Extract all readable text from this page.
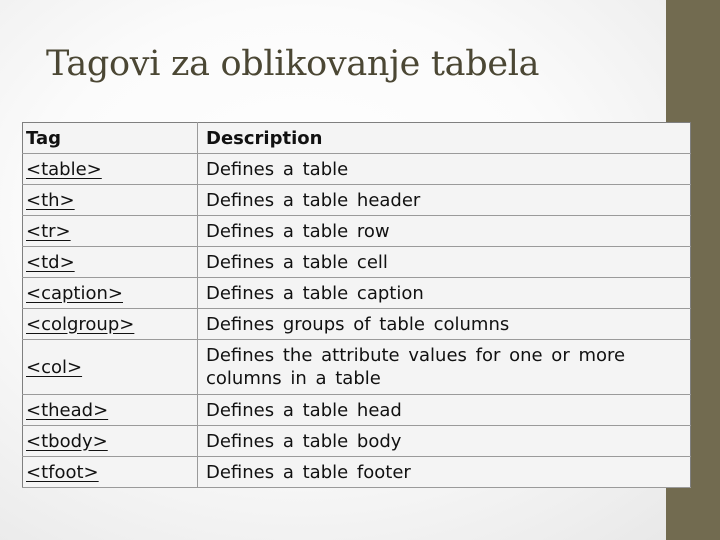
Tagovi za oblikovanje tabela
Tag	Description
<table>	Defines a table
<th>	Defines a table header
<tr>	Defines a table row
<td>	Defines a table cell
<caption>	Defines a table caption
<colgroup>	Defines groups of table columns
<col>	Defines the attribute values for one or more columns in a table
<thead>	Defines a table head
<tbody>	Defines a table body
<tfoot>	Defines a table footer
